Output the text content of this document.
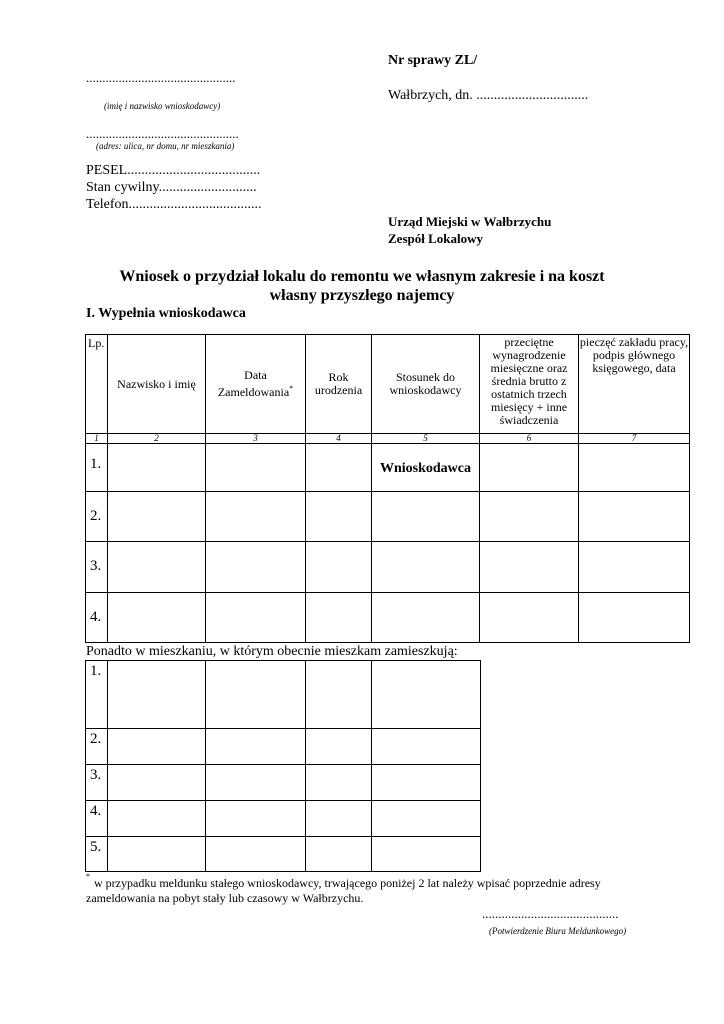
Nr sprawy ZL/
Wałbrzych, dn. ................................
..............................................
(imię i nazwisko wnioskodawcy)
...............................................
(adres: ulica, nr domu, nr mieszkania)
PESEL......................................
Stan cywilny............................
Telefon......................................
Urząd Miejski w Wałbrzychu
Zespół Lokalowy
Wniosek o przydział lokalu do remontu we własnym zakresie i na koszt
własny przyszłego najemcy
I. Wypełnia wnioskodawca
Lp.	Nazwisko i imię	Data Zameldowania*	Rok urodzenia	Stosunek do wnioskodawcy	przeciętne wynagrodzenie miesięczne oraz średnia brutto z ostatnich trzech miesięcy + inne świadczenia	pieczęć zakładu pracy, podpis głównego księgowego, data
1	2	3	4	5	6	7
1.				Wnioskodawca		
2.						
3.						
4.						
Ponadto w mieszkaniu, w którym obecnie mieszkam zamieszkują:
1.				
2.				
3.				
4.				
5.				
* w przypadku meldunku stałego wnioskodawcy, trwającego poniżej 2 lat należy wpisać poprzednie adresy
zameldowania na pobyt stały lub czasowy w Wałbrzychu.
..........................................
(Potwierdzenie Biura Meldunkowego)
